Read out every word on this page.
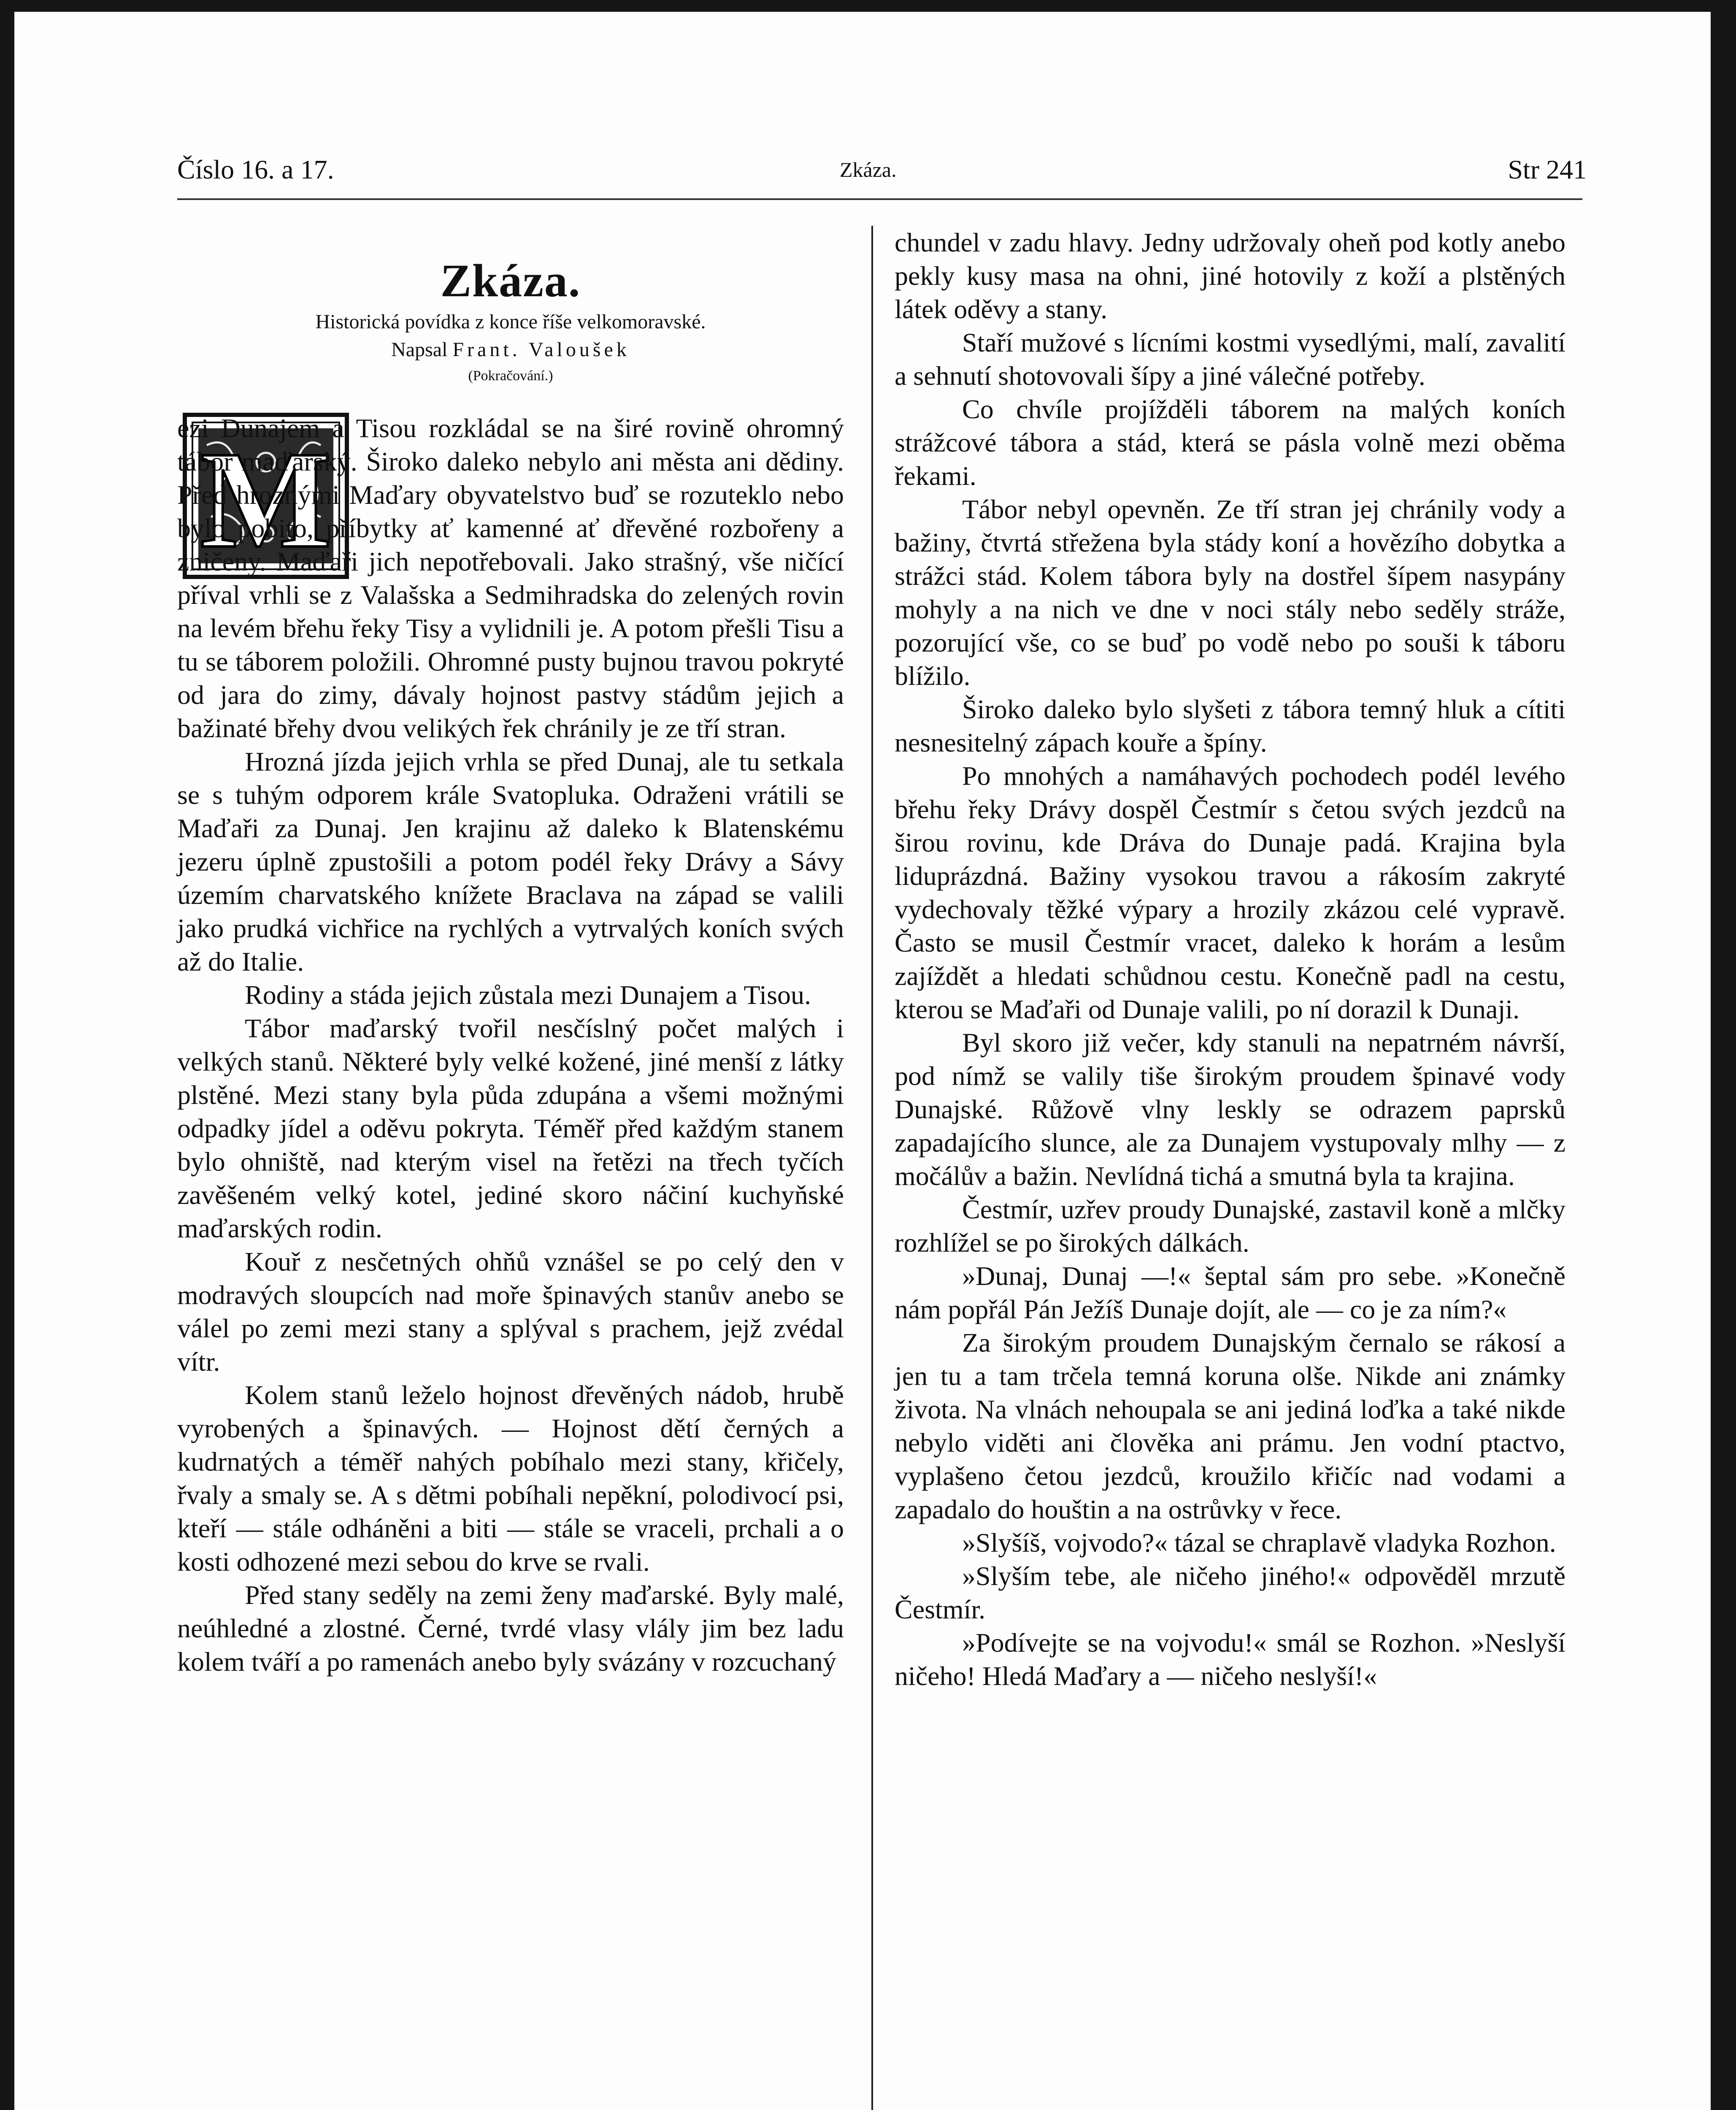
Číslo 16. a 17.	Zkáza.	Str 241
Zkáza.
Historická povídka z konce říše velkomoravské.
Napsal Frant. Valoušek
(Pokračování.)
M

ezi Dunajem a Tisou rozkládal se na širé rovině ohromný tábor maďarský. Široko daleko nebylo ani města ani dědiny. Před hroznými Maďary obyvatelstvo buď se rozuteklo nebo bylo pobito, příbytky ať kamenné ať dřevěné rozbořeny a zničeny. Maďaři jich nepotřebovali. Jako strašný, vše ničící příval vrhli se z Valašska a Sedmihradska do zelených rovin na levém břehu řeky Tisy a vylidnili je. A potom přešli Tisu a tu se táborem položili. Ohromné pusty bujnou travou pokryté od jara do zimy, dávaly hojnost pastvy stádům jejich a bažinaté břehy dvou velikých řek chránily je ze tří stran.

Hrozná jízda jejich vrhla se před Dunaj, ale tu setkala se s tuhým odporem krále Svatopluka. Odraženi vrátili se Maďaři za Dunaj. Jen krajinu až daleko k Blatenskému jezeru úplně zpustošili a potom podél řeky Drávy a Sávy územím charvatského knížete Braclava na západ se valili jako prudká vichřice na rychlých a vytrvalých koních svých až do Italie.

Rodiny a stáda jejich zůstala mezi Dunajem a Tisou.

Tábor maďarský tvořil nesčíslný počet malých i velkých stanů. Některé byly velké kožené, jiné menší z látky plstěné. Mezi stany byla půda zdupána a všemi možnými odpadky jídel a oděvu pokryta. Téměř před každým stanem bylo ohniště, nad kterým visel na řetězi na třech tyčích zavěšeném velký kotel, jediné skoro náčiní kuchyňské maďarských rodin.

Kouř z nesčetných ohňů vznášel se po celý den v modravých sloupcích nad moře špinavých stanův anebo se válel po zemi mezi stany a splýval s prachem, jejž zvédal vítr.

Kolem stanů leželo hojnost dřevěných nádob, hrubě vyrobených a špinavých. — Hojnost dětí černých a kudrnatých a téměř nahých pobíhalo mezi stany, křičely, řvaly a smaly se. A s dětmi pobíhali nepěkní, polodivocí psi, kteří — stále odháněni a biti — stále se vraceli, prchali a o kosti odhozené mezi sebou do krve se rvali.

Před stany seděly na zemi ženy maďarské. Byly malé, neúhledné a zlostné. Černé, tvrdé vlasy vlály jim bez ladu kolem tváří a po ramenách anebo byly svázány v rozcuchaný

chundel v zadu hlavy. Jedny udržovaly oheň pod kotly anebo pekly kusy masa na ohni, jiné hotovily z koží a plstěných látek oděvy a stany.

Staří mužové s lícními kostmi vysedlými, malí, zavalití a sehnutí shotovovali šípy a jiné válečné potřeby.

Co chvíle projížděli táborem na malých koních strážcové tábora a stád, která se pásla volně mezi oběma řekami.

Tábor nebyl opevněn. Ze tří stran jej chránily vody a bažiny, čtvrtá střežena byla stády koní a hovězího dobytka a strážci stád. Kolem tábora byly na dostřel šípem nasypány mohyly a na nich ve dne v noci stály nebo seděly stráže, pozorující vše, co se buď po vodě nebo po souši k táboru blížilo.

Široko daleko bylo slyšeti z tábora temný hluk a cítiti nesnesitelný zápach kouře a špíny.

Po mnohých a namáhavých pochodech podél levého břehu řeky Drávy dospěl Čestmír s četou svých jezdců na širou rovinu, kde Dráva do Dunaje padá. Krajina byla liduprázdná. Bažiny vysokou travou a rákosím zakryté vydechovaly těžké výpary a hrozily zkázou celé vypravě. Často se musil Čestmír vracet, daleko k horám a lesům zajíždět a hledati schůdnou cestu. Konečně padl na cestu, kterou se Maďaři od Dunaje valili, po ní dorazil k Dunaji.

Byl skoro již večer, kdy stanuli na nepatrném návrší, pod nímž se valily tiše širokým proudem špinavé vody Dunajské. Růžově vlny leskly se odrazem paprsků zapadajícího slunce, ale za Dunajem vystupovaly mlhy — z močálův a bažin. Nevlídná tichá a smutná byla ta krajina.

Čestmír, uzřev proudy Dunajské, zastavil koně a mlčky rozhlížel se po širokých dálkách.

»Dunaj, Dunaj —!« šeptal sám pro sebe. »Konečně nám popřál Pán Ježíš Dunaje dojít, ale — co je za ním?«

Za širokým proudem Dunajským černalo se rákosí a jen tu a tam trčela temná koruna olše. Nikde ani známky života. Na vlnách nehoupala se ani jediná loďka a také nikde nebylo viděti ani člověka ani prámu. Jen vodní ptactvo, vyplašeno četou jezdců, kroužilo křičíc nad vodami a zapadalo do houštin a na ostrůvky v řece.

»Slyšíš, vojvodo?« tázal se chraplavě vladyka Rozhon.

»Slyším tebe, ale ničeho jiného!« odpověděl mrzutě Čestmír.

»Podívejte se na vojvodu!« smál se Rozhon. »Neslyší ničeho! Hledá Maďary a — ničeho neslyší!«
